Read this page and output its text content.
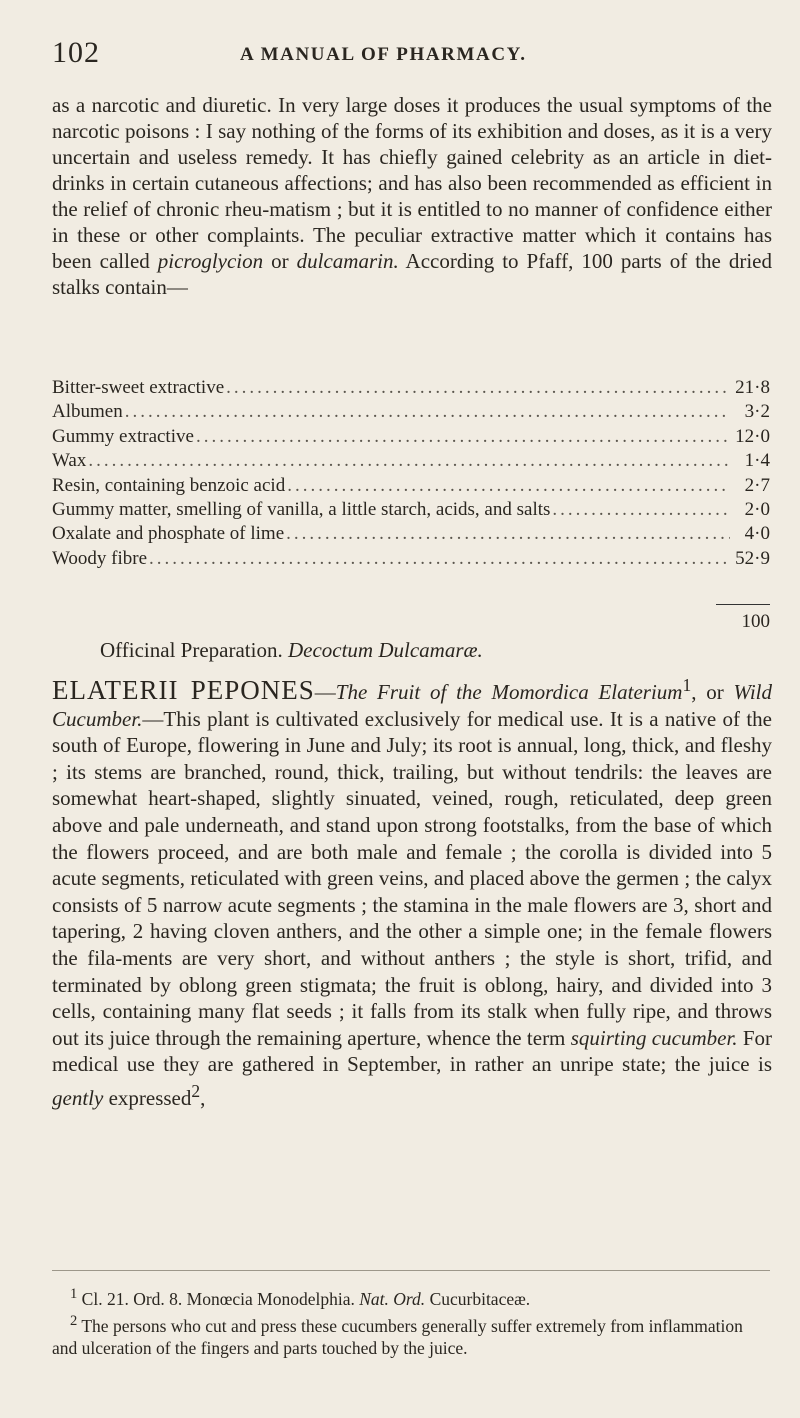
102	A MANUAL OF PHARMACY.
as a narcotic and diuretic. In very large doses it produces the usual symptoms of the narcotic poisons : I say nothing of the forms of its exhibition and doses, as it is a very uncertain and useless remedy. It has chiefly gained celebrity as an article in diet-drinks in certain cutaneous affections; and has also been recommended as efficient in the relief of chronic rheu-matism ; but it is entitled to no manner of confidence either in these or other complaints. The peculiar extractive matter which it contains has been called picroglycion or dulcamarin. According to Pfaff, 100 parts of the dried stalks contain—
Bitter-sweet extractive .....	21·8
Albumen .....	3·2
Gummy extractive .....	12·0
Wax .....	1·4
Resin, containing benzoic acid .....	2·7
Gummy matter, smelling of vanilla, a little starch, acids, and salts .....	2·0
Oxalate and phosphate of lime .....	4·0
Woody fibre .....	52·9
100
Officinal Preparation. Decoctum Dulcamaræ.
ELATERII PEPONES—The Fruit of the Momordica Elaterium$^1$, or Wild Cucumber.—This plant is cultivated exclusively for medical use. It is a native of the south of Europe, flowering in June and July; its root is annual, long, thick, and fleshy ; its stems are branched, round, thick, trailing, but without tendrils: the leaves are somewhat heart-shaped, slightly sinuated, veined, rough, reticulated, deep green above and pale underneath, and stand upon strong footstalks, from the base of which the flowers proceed, and are both male and female ; the corolla is divided into 5 acute segments, reticulated with green veins, and placed above the germen ; the calyx consists of 5 narrow acute segments ; the stamina in the male flowers are 3, short and tapering, 2 having cloven anthers, and the other a simple one; in the female flowers the fila-ments are very short, and without anthers ; the style is short, trifid, and terminated by oblong green stigmata; the fruit is oblong, hairy, and divided into 3 cells, containing many flat seeds ; it falls from its stalk when fully ripe, and throws out its juice through the remaining aperture, whence the term squirting cucumber. For medical use they are gathered in September, in rather an unripe state; the juice is gently expressed$^2$,
$^1$ Cl. 21. Ord. 8. Monœcia Monodelphia. Nat. Ord. Cucurbitaceæ.
$^2$ The persons who cut and press these cucumbers generally suffer extremely from inflammation and ulceration of the fingers and parts touched by the juice.
